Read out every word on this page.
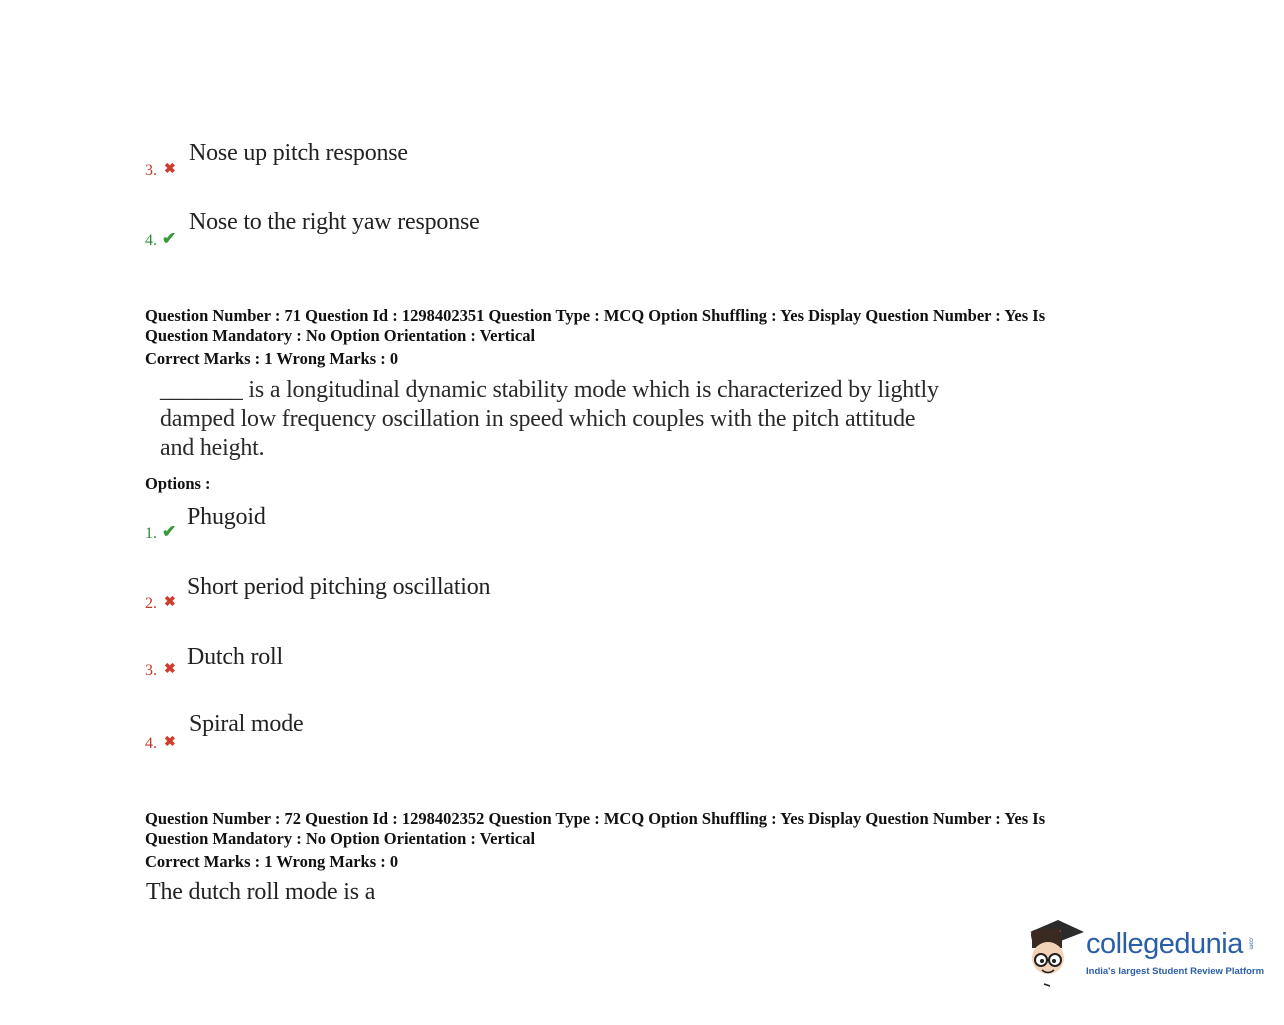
3. ✖
Nose up pitch response
4. ✔
Nose to the right yaw response
Question Number : 71 Question Id : 1298402351 Question Type : MCQ Option Shuffling : Yes Display Question Number : Yes Is
Question Mandatory : No Option Orientation : Vertical
Correct Marks : 1 Wrong Marks : 0
_______ is a longitudinal dynamic stability mode which is characterized by lightly
damped low frequency oscillation in speed which couples with the pitch attitude
and height.
Options :
1. ✔
Phugoid
2. ✖
Short period pitching oscillation
3. ✖ Dutch roll
4. ✖
Spiral mode
Question Number : 72 Question Id : 1298402352 Question Type : MCQ Option Shuffling : Yes Display Question Number : Yes Is
Question Mandatory : No Option Orientation : Vertical
Correct Marks : 1 Wrong Marks : 0
The dutch roll mode is a
collegedunia .com
India's largest Student Review Platform
